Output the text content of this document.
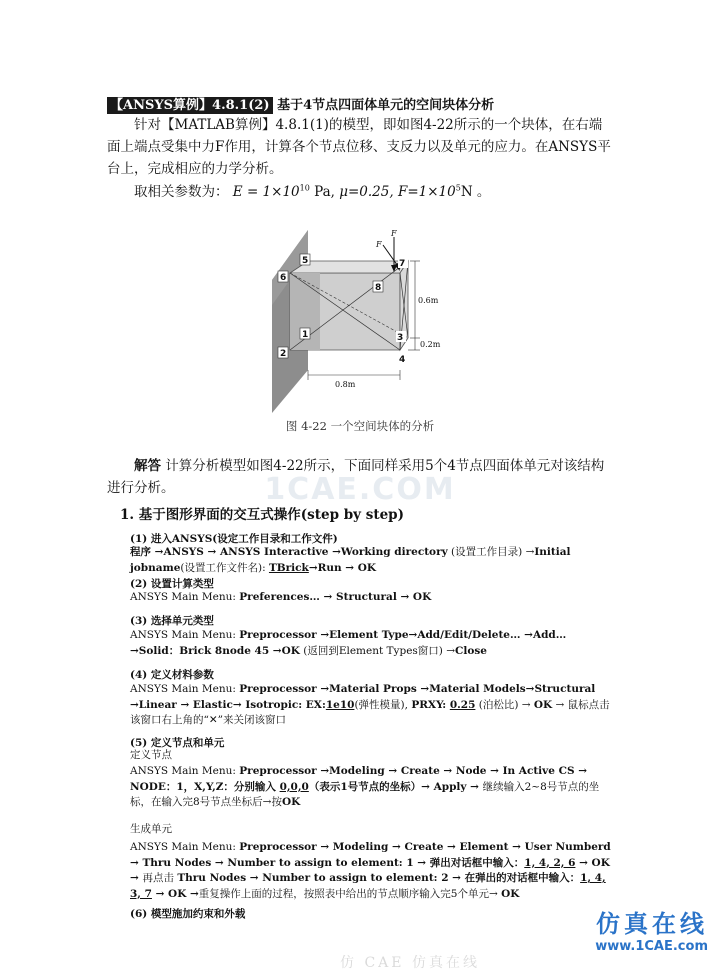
【ANSYS算例】4.8.1(2) 基于4节点四面体单元的空间块体分析
针对【MATLAB算例】4.8.1(1)的模型，即如图4-22所示的一个块体，在右端面上端点受集中力F作用，计算各个节点位移、支反力以及单元的应力。在ANSYS平台上，完成相应的力学分析。
取相关参数为： $E = 1\times 10^{10}$ Pa, μ=0.25, $F=1\times 10^5N$ 。
5
6
7
8
1
2
3
4
F
F
0.6m
0.2m
0.8m
图 4-22 一个空间块体的分析
1CAE.COM
解答 计算分析模型如图4-22所示，下面同样采用5个4节点四面体单元对该结构进行分析。
1. 基于图形界面的交互式操作(step by step)
(1) 进入ANSYS(设定工作目录和工作文件)
程序 →ANSYS → ANSYS Interactive →Working directory (设置工作目录) →Initial jobname(设置工作文件名): TBrick→Run → OK
(2) 设置计算类型
ANSYS Main Menu: Preferences… → Structural → OK
(3) 选择单元类型
ANSYS Main Menu: Preprocessor →Element Type→Add/Edit/Delete… →Add… →Solid：Brick 8node 45 →OK (返回到Element Types窗口) →Close
(4) 定义材料参数
ANSYS Main Menu: Preprocessor →Material Props →Material Models→Structural →Linear → Elastic→ Isotropic: EX:1e10(弹性模量), PRXY: 0.25 (泊松比) → OK → 鼠标点击该窗口右上角的“✕”来关闭该窗口
(5) 定义节点和单元
定义节点
ANSYS Main Menu: Preprocessor →Modeling → Create → Node → In Active CS → NODE：1，X,Y,Z：分别输入 0,0,0（表示1号节点的坐标）→ Apply → 继续输入2~8号节点的坐标，在输入完8号节点坐标后→按OK
生成单元
ANSYS Main Menu: Preprocessor → Modeling → Create → Element → User Numberd → Thru Nodes → Number to assign to element: 1 → 弹出对话框中输入：1, 4, 2, 6 → OK → 再点击 Thru Nodes → Number to assign to element: 2 → 在弹出的对话框中输入：1, 4, 3, 7 → OK →重复操作上面的过程，按照表中给出的节点顺序输入完5个单元→ OK
(6) 模型施加约束和外载	仿真在线
www.1CAE.com
仿 CAE 仿真在线
